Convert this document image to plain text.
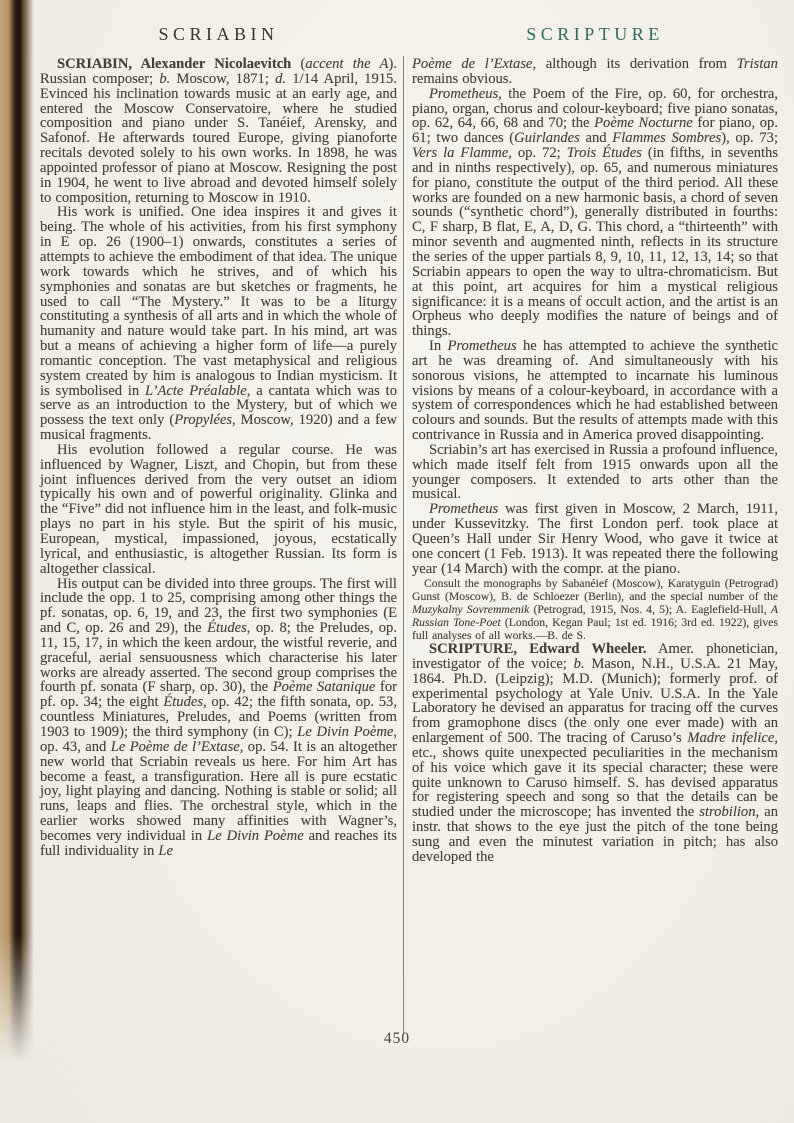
SCRIABIN	SCRIPTURE

SCRIABIN, Alexander Nicolaevitch (accent the A). Russian composer; b. Moscow, 1871; d. 1/14 April, 1915. Evinced his inclination towards music at an early age, and entered the Moscow Conservatoire, where he studied composition and piano under S. Tanéief, Arensky, and Safonof. He afterwards toured Europe, giving pianoforte recitals devoted solely to his own works. In 1898, he was appointed professor of piano at Moscow. Resigning the post in 1904, he went to live abroad and devoted himself solely to composition, returning to Moscow in 1910.

His work is unified. One idea inspires it and gives it being. The whole of his activities, from his first symphony in E op. 26 (1900–1) onwards, constitutes a series of attempts to achieve the embodiment of that idea. The unique work towards which he strives, and of which his symphonies and sonatas are but sketches or fragments, he used to call “The Mystery.” It was to be a liturgy constituting a synthesis of all arts and in which the whole of humanity and nature would take part. In his mind, art was but a means of achieving a higher form of life—a purely romantic conception. The vast metaphysical and religious system created by him is analogous to Indian mysticism. It is symbolised in L’Acte Préalable, a cantata which was to serve as an introduction to the Mystery, but of which we possess the text only (Propylées, Moscow, 1920) and a few musical fragments.

His evolution followed a regular course. He was influenced by Wagner, Liszt, and Chopin, but from these joint influences derived from the very outset an idiom typically his own and of powerful originality. Glinka and the “Five” did not influence him in the least, and folk-music plays no part in his style. But the spirit of his music, European, mystical, impassioned, joyous, ecstatically lyrical, and enthusiastic, is altogether Russian. Its form is altogether classical.

His output can be divided into three groups. The first will include the opp. 1 to 25, comprising among other things the pf. sonatas, op. 6, 19, and 23, the first two symphonies (E and C, op. 26 and 29), the Études, op. 8; the Preludes, op. 11, 15, 17, in which the keen ardour, the wistful reverie, and graceful, aerial sensuousness which characterise his later works are already asserted. The second group comprises the fourth pf. sonata (F sharp, op. 30), the Poème Satanique for pf. op. 34; the eight Études, op. 42; the fifth sonata, op. 53, countless Miniatures, Preludes, and Poems (written from 1903 to 1909); the third symphony (in C); Le Divin Poème, op. 43, and Le Poème de l’Extase, op. 54. It is an altogether new world that Scriabin reveals us here. For him Art has become a feast, a transfiguration. Here all is pure ecstatic joy, light playing and dancing. Nothing is stable or solid; all runs, leaps and flies. The orchestral style, which in the earlier works showed many affinities with Wagner’s, becomes very individual in Le Divin Poème and reaches its full individuality in Le

Poème de l’Extase, although its derivation from Tristan remains obvious.

Prometheus, the Poem of the Fire, op. 60, for orchestra, piano, organ, chorus and colour-keyboard; five piano sonatas, op. 62, 64, 66, 68 and 70; the Poème Nocturne for piano, op. 61; two dances (Guirlandes and Flammes Sombres), op. 73; Vers la Flamme, op. 72; Trois Études (in fifths, in sevenths and in ninths respectively), op. 65, and numerous miniatures for piano, constitute the output of the third period. All these works are founded on a new harmonic basis, a chord of seven sounds (“synthetic chord”), generally distributed in fourths: C, F sharp, B flat, E, A, D, G. This chord, a “thirteenth” with minor seventh and augmented ninth, reflects in its structure the series of the upper partials 8, 9, 10, 11, 12, 13, 14; so that Scriabin appears to open the way to ultra-chromaticism. But at this point, art acquires for him a mystical religious significance: it is a means of occult action, and the artist is an Orpheus who deeply modifies the nature of beings and of things.

In Prometheus he has attempted to achieve the synthetic art he was dreaming of. And simultaneously with his sonorous visions, he attempted to incarnate his luminous visions by means of a colour-keyboard, in accordance with a system of correspondences which he had established between colours and sounds. But the results of attempts made with this contrivance in Russia and in America proved disappointing.

Scriabin’s art has exercised in Russia a profound influence, which made itself felt from 1915 onwards upon all the younger composers. It extended to arts other than the musical.

Prometheus was first given in Moscow, 2 March, 1911, under Kussevitzky. The first London perf. took place at Queen’s Hall under Sir Henry Wood, who gave it twice at one concert (1 Feb. 1913). It was repeated there the following year (14 March) with the compr. at the piano.

Consult the monographs by Sabanéief (Moscow), Karatyguin (Petrograd) Gunst (Moscow), B. de Schloezer (Berlin), and the special number of the Muzykalny Sovremmenik (Petrograd, 1915, Nos. 4, 5); A. Eaglefield-Hull, A Russian Tone-Poet (London, Kegan Paul; 1st ed. 1916; 3rd ed. 1922), gives full analyses of all works.—B. de S.

SCRIPTURE, Edward Wheeler. Amer. phonetician, investigator of the voice; b. Mason, N.H., U.S.A. 21 May, 1864. Ph.D. (Leipzig); M.D. (Munich); formerly prof. of experimental psychology at Yale Univ. U.S.A. In the Yale Laboratory he devised an apparatus for tracing off the curves from gramophone discs (the only one ever made) with an enlargement of 500. The tracing of Caruso’s Madre infelice, etc., shows quite unexpected peculiarities in the mechanism of his voice which gave it its special character; these were quite unknown to Caruso himself. S. has devised apparatus for registering speech and song so that the details can be studied under the microscope; has invented the strobilion, an instr. that shows to the eye just the pitch of the tone being sung and even the minutest variation in pitch; has also developed the

450
